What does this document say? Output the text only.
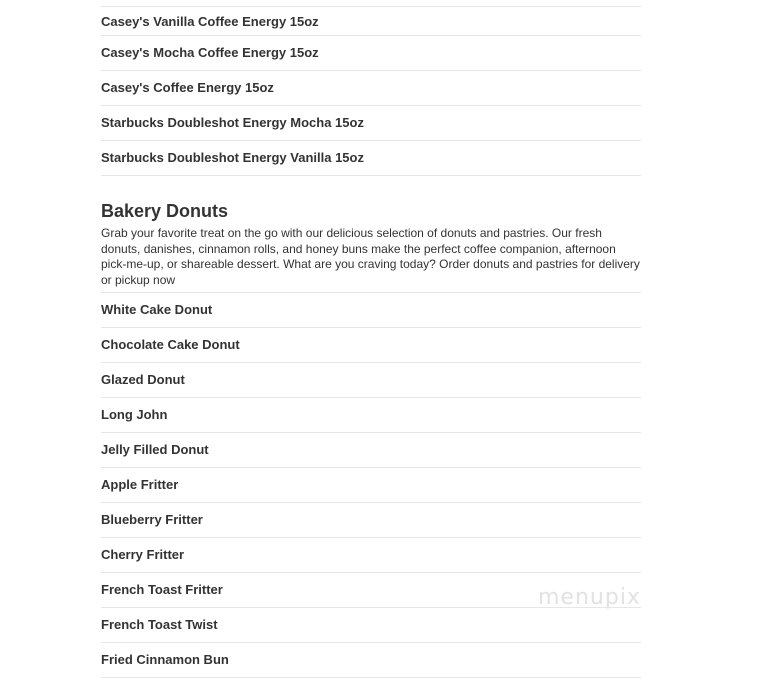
Casey's Vanilla Coffee Energy 15oz
Casey's Mocha Coffee Energy 15oz
Casey's Coffee Energy 15oz
Starbucks Doubleshot Energy Mocha 15oz
Starbucks Doubleshot Energy Vanilla 15oz
Bakery Donuts

Grab your favorite treat on the go with our delicious selection of donuts and pastries. Our fresh donuts, danishes, cinnamon rolls, and honey buns make the perfect coffee companion, afternoon pick-me-up, or shareable dessert. What are you craving today? Order donuts and pastries for delivery or pickup now

White Cake Donut
Chocolate Cake Donut
Glazed Donut
Long John
Jelly Filled Donut
Apple Fritter
Blueberry Fritter
Cherry Fritter
French Toast Fritter
French Toast Twist
Fried Cinnamon Bun
menupix
